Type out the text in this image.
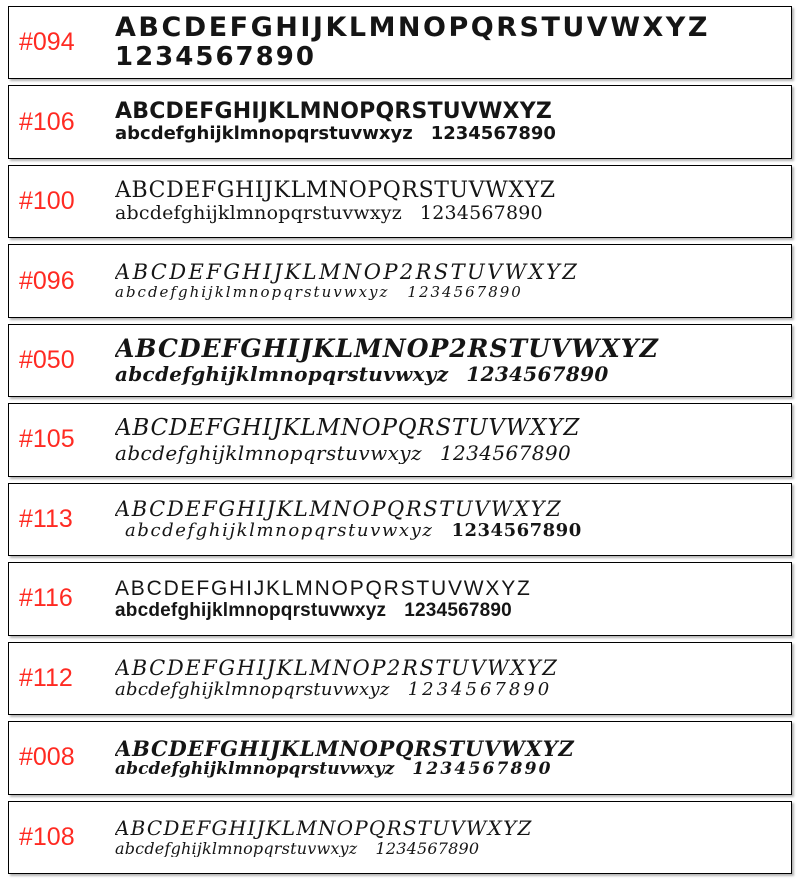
#094	ABCDEFGHIJKLMNOPQRSTUVWXYZ
1234567890
#106	ABCDEFGHIJKLMNOPQRSTUVWXYZ
abcdefghijklmnopqrstuvwxyz 1234567890
#100	ABCDEFGHIJKLMNOPQRSTUVWXYZ
abcdefghijklmnopqrstuvwxyz 1234567890
#096	ABCDEFGHIJKLMNOP2RSTUVWXYZ
abcdefghijklmnopqrstuvwxyz 1234567890
#050	ABCDEFGHIJKLMNOP2RSTUVWXYZ
abcdefghijklmnopqrstuvwxyz 1234567890
#105	ABCDEFGHIJKLMNOPQRSTUVWXYZ
abcdefghijklmnopqrstuvwxyz 1234567890
#113	ABCDEFGHIJKLMNOPQRSTUVWXYZ
abcdefghijklmnopqrstuvwxyz 1234567890
#116	ABCDEFGHIJKLMNOPQRSTUVWXYZ
abcdefghijklmnopqrstuvwxyz 1234567890
#112	ABCDEFGHIJKLMNOP2RSTUVWXYZ
abcdefghijklmnopqrstuvwxyz 1234567890
#008	ABCDEFGHIJKLMNOPQRSTUVWXYZ
abcdefghijklmnopqrstuvwxyz 1234567890
#108	ABCDEFGHIJKLMNOPQRSTUVWXYZ
abcdefghijklmnopqrstuvwxyz 1234567890
